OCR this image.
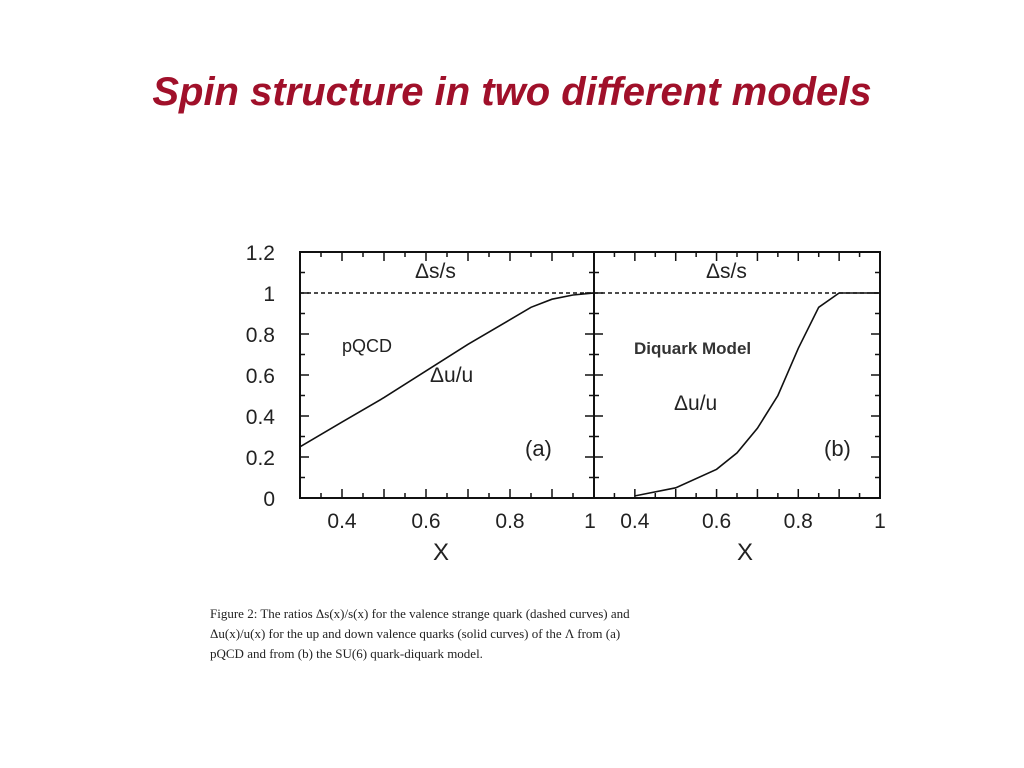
Spin structure in two different models
0.4	0.6	0.8	1
0
0.2
0.4
0.6
0.8
1
1.2
X
Δs/s
pQCD
Δu/u
(a)
0.4	0.6	0.8	1
X
Δs/s
Diquark Model
Δu/u
(b)
Figure 2: The ratios Δs(x)/s(x) for the valence strange quark (dashed curves) and
Δu(x)/u(x) for the up and down valence quarks (solid curves) of the Λ from (a)
pQCD and from (b) the SU(6) quark-diquark model.
